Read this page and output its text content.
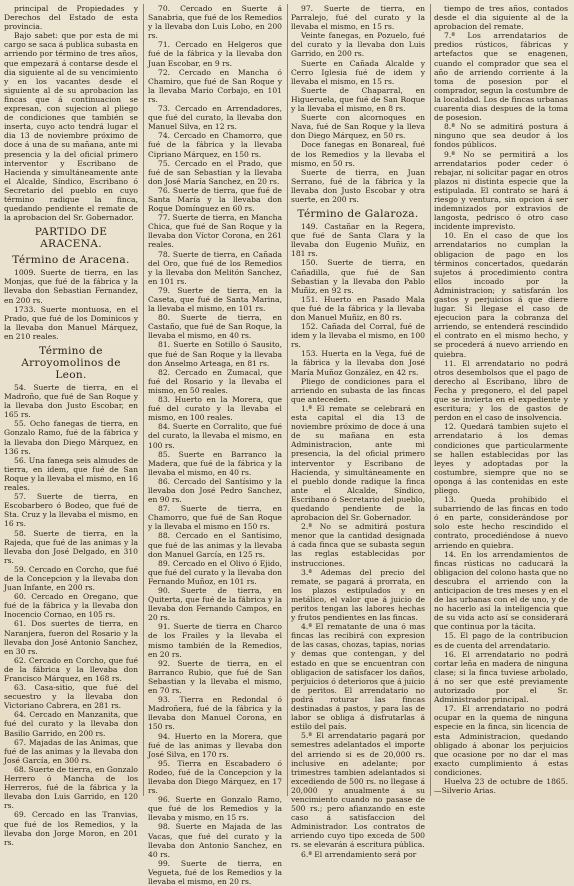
principal de Propiedades y Derechos del Estado de esta provincia.

Bajo sabet: que por esta de mi cargo se saca á publica subasta en arriendo por término de tres años, que empezará á contarse desde el dia siguiente al de su vencimiento y en los vacantes desde el siguiente al de su aprobacion las fincas que á continuacion se expresan, con sujecion al pliego de condiciones que también se inserta, cuyo acto tendrá lugar el dia 13 de noviembre próximo de doce á una de su mañana, ante mi presencia y la del oficial primero interventor y Escribano de Hacienda y simultáneamente ante el Alcalde, Síndico, Escribano ó Secretario del pueblo en cuyo término radique la finca, quedando pendiente el remate de la aprobacion del Sr. Gobernador.

PARTIDO DE ARACENA.
Término de Aracena.

1009. Suerte de tierra, en las Monjas, que fué de la fábrica y la llevaba don Sebastian Fernandez, en 200 rs.

1733. Suerte montuosa, en el Prado, que fué de los Dominicos y la llevaba don Manuel Márquez, en 210 reales.

Término de Arroyomolinos de Leon.

54. Suerte de tierra, en el Madroño, que fué de San Roque y la llevaba don Justo Escobar, en 165 rs.

55. Ocho fanegas de tierra, en Gonzalo Ramo, fué de la fábrica y la llevaba don Diego Márquez, en 136 rs.

56. Una fanega seis almudes de tierra, en idem, que fué de San Roque y la llevaba el mismo, en 16 reales.

57. Suerte de tierra, en Escobarbero ó Bodeo, que fué de Sta. Cruz y la llevaba el mismo, en 16 rs.

58. Suerte de tierra, en la Rajeda, que fué de las animas y la llevaba don José Delgado, en 310 rs.

59. Cercado en Corcho, que fué de la Concepcion y la llevaba don Juan Infante, en 200 rs.

60. Cercado en Oregano, que fué de la fábrica y la llevaba don Inocencio Cornao, en 105 rs.

61. Dos suertes de tierra, en Naranjera, fueron del Rosario y la llevaba don José Antonio Sanchez, en 30 rs.

62. Cercado en Corcho, que fué de la fábrica y la llevaba don Francisco Márquez, en 168 rs.

63. Casa-sitio, que fué del secuestro y la llevaba don Victoriano Cabrera, en 281 rs.

64. Cercado en Manzanita, que fué del curato y la llevaba don Basilio Garrido, en 200 rs.

67. Majadas de las Animas, que fué de las animas y la llevaba don José García, en 300 rs.

68. Suerte de tierra, en Gonzalo Herrero ó Mancha de los Herreros, fué de la fábrica y la llevaba don Luis Garrido, en 120 rs.

69. Cercado en las Tranvias, que fué de los Remedios, y la llevaba don Jorge Moron, en 201 rs.

70. Cercado en Suerte á Sanabria, que fué de los Remedios y la llevaba don Luis Lobo, en 200 rs.

71. Cercado en Helgeros que fué de la fábrica y la llevaba don Juan Escobar, en 9 rs.

72. Cercado en Mancha ó Chamiro, que fué de San Roque y la llevaba Mario Corbajo, en 101 rs.

73. Cercado en Arrendadores, que fué del curato, la llevaba don Manuel Silva, en 12 rs.

74. Cercado en Chamorro, que fué de la fábrica y la llevaba Cipriano Márquez, en 150 rs.

75. Cercado en el Prado, que fué de san Sebastian y la llevaba don José María Sanchez, en 20 rs.

76. Suerte de tierra, que fué de Santa María y la llevaba don Roque Domínguez en 60 rs.

77. Suerte de tierra, en Mancha Chica, que fué de San Roque y la llevaba don Víctor Corona, en 261 reales.

78. Suerte de tierra, en Cañada del Oro, que fué de los Remedios y la llevaba don Melitón Sanchez, en 101 rs.

79. Suerte de tierra, en la Caseta, que fué de Santa Marina, la llevaba el mismo, en 101 rs.

80. Suerte de tierra, en Castaño, que fué de San Roque, la llevaba el mismo, en 40 rs.

81. Suerte en Sotillo ó Sausito, que fué de San Roque y la llevaba don Anselmo Arteaga, en 81 rs.

82. Cercado en Zumacal, que fué del Rosario y la llevaba el mismo, en 50 reales.

83. Huerto en la Morera, que fué del curato y la llevaba el mismo, en 100 reales.

84. Suerte en Corralito, que fué del curato, la llevaba el mismo, en 100 rs.

85. Suerte en Barranco la Madera, que fué de la fábrica y la llevaba el mismo, en 40 rs.

86. Cercado del Santísimo y la llevaba don José Pedro Sanchez, en 90 rs.

87. Suerte de tierra, en Chamorro, que fué de San Roque y la llevaba el mismo en 150 rs.

88. Cercado en el Santísimo, que fué de las animas y la llevaba don Manuel García, en 125 rs.

89. Cercado en el Olivo ó Ejido, que fué del curato y la llevaba don Fernando Muñoz, en 101 rs.

90. Suerte de tierra, en Quiterta, que fué de la fábrica y la llevaba don Fernando Campos, en 20 rs.

91. Suerte de tierra en Charco de los Frailes y la llevaba el mismo también de la Remedios, en 20 rs.

92. Suerte de tierra, en el Barranco Rubio, que fué de San Sebastian y la llevaba el mismo, en 70 rs.

93. Tierra en Redondal ó Madroñera, fué de la fábrica y la llevaba don Manuel Corona, en 150 rs.

94. Huerto en la Morera, que fué de las animas y llevaba don José Silva, en 170 rs.

95. Tierra en Escabadero ó Rodeo, fué de la Concepcion y la llevaba don Diego Márquez, en 17 rs.

96. Suerte en Gonzalo Ramo, que fué de los Remedios y la llevaba y mismo, en 15 rs.

98. Suerte en Majada de las Vacas, que fué del curato y la llevaba don Antonio Sanchez, en 40 rs.

99. Suerte de tierra, en Vegueta, fué de los Remedios y la llevaba el mismo, en 20 rs.

97. Suerte de tierra, en Parralejo, fué del curato y la llevaba el mismo, en 15 rs.

Veinte fanegas, en Pozuelo, fué del curato y la llevaba don Luis Garrido, en 200 rs.

Suerte en Cañada Alcalde y Cerro Iglesia fué de idem y llevaba el mismo, en 15 rs.

Suerte de Chaparral, en Higueruela, que fué de San Roque y la llevaba el mismo, en 8 rs.

Suerte con alcornoques en Nava, fué de San Roque y la lleva don Diego Márquez, en 50 rs.

Doce fanegas en Bonareal, fué de los Remedios y la llevaba el mismo, en 50 rs.

Suerte de tierra, en Juan Serrano, fué de la fábrica y la llevaba don Justo Escobar y otra suerte, en 200 rs.

Término de Galaroza.

149. Castañar en la Regera, que fué de Santa Clara y la llevaba don Eugenio Muñiz, en 181 rs.

150. Suerte de tierra, en Cañadilla, que fué de San Sebastian y la llevaba don Pablo Muñiz, en 92 rs.

151. Huerto en Pasado Mala que fué de la fábrica y la llevaba don Manuel Muñiz, en 80 rs.

152. Cañada del Corral, fué de idem y la llevaba el mismo, en 100 rs.

153. Huerta en la Vega, fué de la fábrica y la llevaba don José María Muñoz González, en 42 rs.

Pliego de condiciones para el arriendo en subasta de las fincas que anteceden.

1.ª El remate se celebrará en esta capital el dia 13 de noviembre próximo de doce á una de su mañana en esta Administracion, ante mi presencia, la del oficial primero interventor y Escribano de Hacienda, y simultáneamente en el pueblo donde radique la finca ante el Alcalde, Síndico, Escribano ó Secretario del pueblo, quedando pendiente de la aprobacion del Sr. Gobernador.

2.ª No se admitirá postura menor que la cantidad designada á cada finca que se subasta segun las reglas establecidas por instrucciones.

3.ª Ademas del precio del remate, se pagará á prorrata, en los plazos estipulados y en metálico, el valor que á juicio de peritos tengan las labores hechas y frutos pendientes en las fincas.

4.ª El rematante de una ó mas fincas las recibirá con expresion de las casas, chozas, tapias, norias y demas que contengan, y del estado en que se encuentran con obligacion de satisfacer los daños, perjuicios ó deterioros que á juicio de peritos. El arrendatario no podrá roturar las fincas destinadas á pastos, y para las de labor se obliga á disfrutarlas á estilo del país.

5.ª El arrendatario pagará por semestres adelantados el importe del arriendo si es de 20,000 rs. inclusive en adelante; por trimestres tambien adelantados si excediendo de 500 rs. no llegase á 20,000 y anualmente á su vencimiento cuando no pasase de 500 rs.; pero afianzando en este caso á satisfaccion del Administrador. Los contratos de arriendo cuyo tipo exceda de 500 rs. se elevarán á escritura pública.

6.ª El arrendamiento será por

tiempo de tres años, contados desde el dia siguiente al de la aprobacion del remate.

7.ª Los arrendatarios de predios rústicos, fábricas y artefactos que se enagenen, cuando el comprador que sea el año de arriendo corriente á la toma de posesion por el comprador, segun la costumbre de la localidad. Los de fincas urbanas cuarenta dias despues de la toma de posesion.

8.ª No se admitirá postura á ninguno que sea deudor á los fondos públicos.

9.ª No se permitirá a los arrendatarios poder ceder ó rebajar, ni solicitar pagar en otros plazos ni distinta especie que la estipulada. El contrato se hará á riesgo y ventura, sin opcion á ser indemnizados por extravios de langosta, pedrisco ó otro caso incidente imprevisto.

10. En el caso de que los arrendatarios no cumplan la obligacion de pago en los términos concertados, quedarán sujetos á procedimiento contra ellos incoado por la Administracion; y satisfarán los gastos y perjuicios á que diere lugar. Si llegase el caso de ejecucion para la cobranza del arriendo, se entenderá rescindido el contrato en el mismo hecho, y se procederá á nuevo arriendo en quiebra.

11. El arrendatario no podrá otros desembolsos que el pago de derecho al Escribano, libro de Fecha y pregonero, el del papel que se invierta en el expediente y escritura; y los de gastos de perdon en el caso de insolvencia.

12. Quedará tambien sujeto el arrendatario á los demas condiciones que particularmente se hallen establecidas por las leyes y adoptadas por la costumbre, siempre que no se oponga á las contenidas en este pliego.

13. Queda prohibido el subarriendo de las fincas en todo ó en parte, considerándose por solo este hecho rescindido el contrato, procediéndose á nuevo arriendo en quiebra.

14. En los arrendamientos de fincas rústicas no caducará la obligacion del colono hasta que no descubra el arriendo con la anticipacion de tres meses y en el de las urbanas con el de uno, y de no hacerlo así la inteligencia que de su vida acto así se considerará que continua por la tácita.

15. El pago de la contribucion es de cuenta del arrendatario.

16. El arrendatario no podrá cortar leña en madera de ninguna clase; si la finca tuviese arbolado, á no ser que esté previamente autorizado por el Sr. Administrador principal.

17. El arrendatario no podrá ocupar en la quema de ninguna especie en la finca, sin licencia de esta Administracion, quedando obligado á abonar los perjuicios que ocasione por no dar el mas exacto cumplimiento á estas condiciones.

Huelva 23 de octubre de 1865. —Silverio Arias.
